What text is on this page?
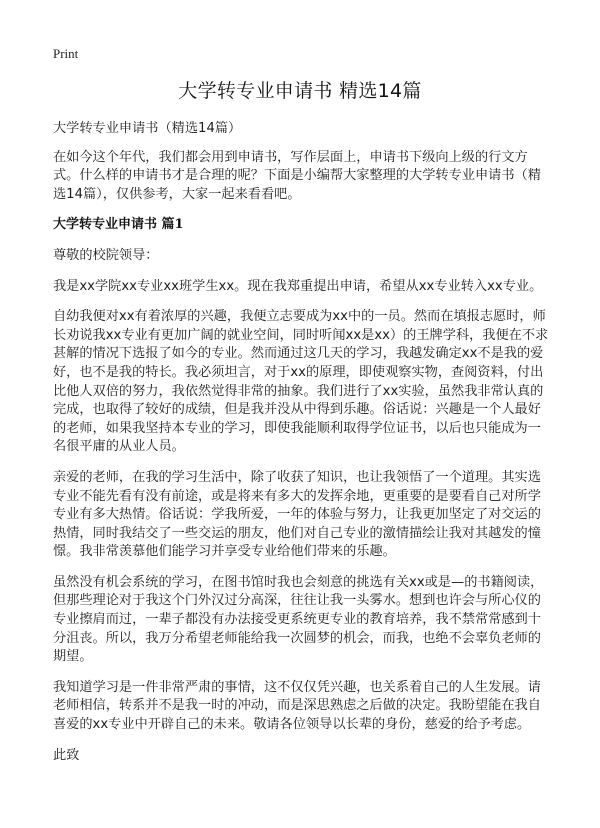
Print
大学转专业申请书 精选14篇

大学转专业申请书（精选14篇）

在如今这个年代，我们都会用到申请书，写作层面上，申请书下级向上级的行文方式。什么样的申请书才是合理的呢？下面是小编帮大家整理的大学转专业申请书（精选14篇），仅供参考，大家一起来看看吧。

大学转专业申请书 篇1

尊敬的校院领导：

我是xx学院xx专业xx班学生xx。现在我郑重提出申请，希望从xx专业转入xx专业。

自幼我便对xx有着浓厚的兴趣，我便立志要成为xx中的一员。然而在填报志愿时，师长劝说我xx专业有更加广阔的就业空间，同时听闻xx是xx）的王牌学科，我便在不求甚解的情况下选报了如今的专业。然而通过这几天的学习，我越发确定xx不是我的爱好，也不是我的特长。我必须坦言，对于xx的原理，即使观察实物，查阅资料，付出比他人双倍的努力，我依然觉得非常的抽象。我们进行了xx实验，虽然我非常认真的完成，也取得了较好的成绩，但是我并没从中得到乐趣。俗话说：兴趣是一个人最好的老师，如果我坚持本专业的学习，即使我能顺利取得学位证书，以后也只能成为一名很平庸的从业人员。

亲爱的老师，在我的学习生活中，除了收获了知识，也让我领悟了一个道理。其实选专业不能先看有没有前途，或是将来有多大的发挥余地，更重要的是要看自己对所学专业有多大热情。俗话说：学我所爱，一年的体验与努力，让我更加坚定了对交运的热情，同时我结交了一些交运的朋友，他们对自己专业的激情描绘让我对其越发的憧憬。我非常羡慕他们能学习并享受专业给他们带来的乐趣。

虽然没有机会系统的学习，在图书馆时我也会刻意的挑选有关xx或是—的书籍阅读，但那些理论对于我这个门外汉过分高深，往往让我一头雾水。想到也许会与所心仪的专业擦肩而过，一辈子都没有办法接受更系统更专业的教育培养，我不禁常常感到十分沮丧。所以，我万分希望老师能给我一次圆梦的机会，而我，也绝不会辜负老师的期望。

我知道学习是一件非常严肃的事情，这不仅仅凭兴趣，也关系着自己的人生发展。请老师相信，转系并不是我一时的冲动，而是深思熟虑之后做的决定。我盼望能在我自喜爱的xx专业中开辟自己的未来。敬请各位领导以长辈的身份，慈爱的给予考虑。

此致
